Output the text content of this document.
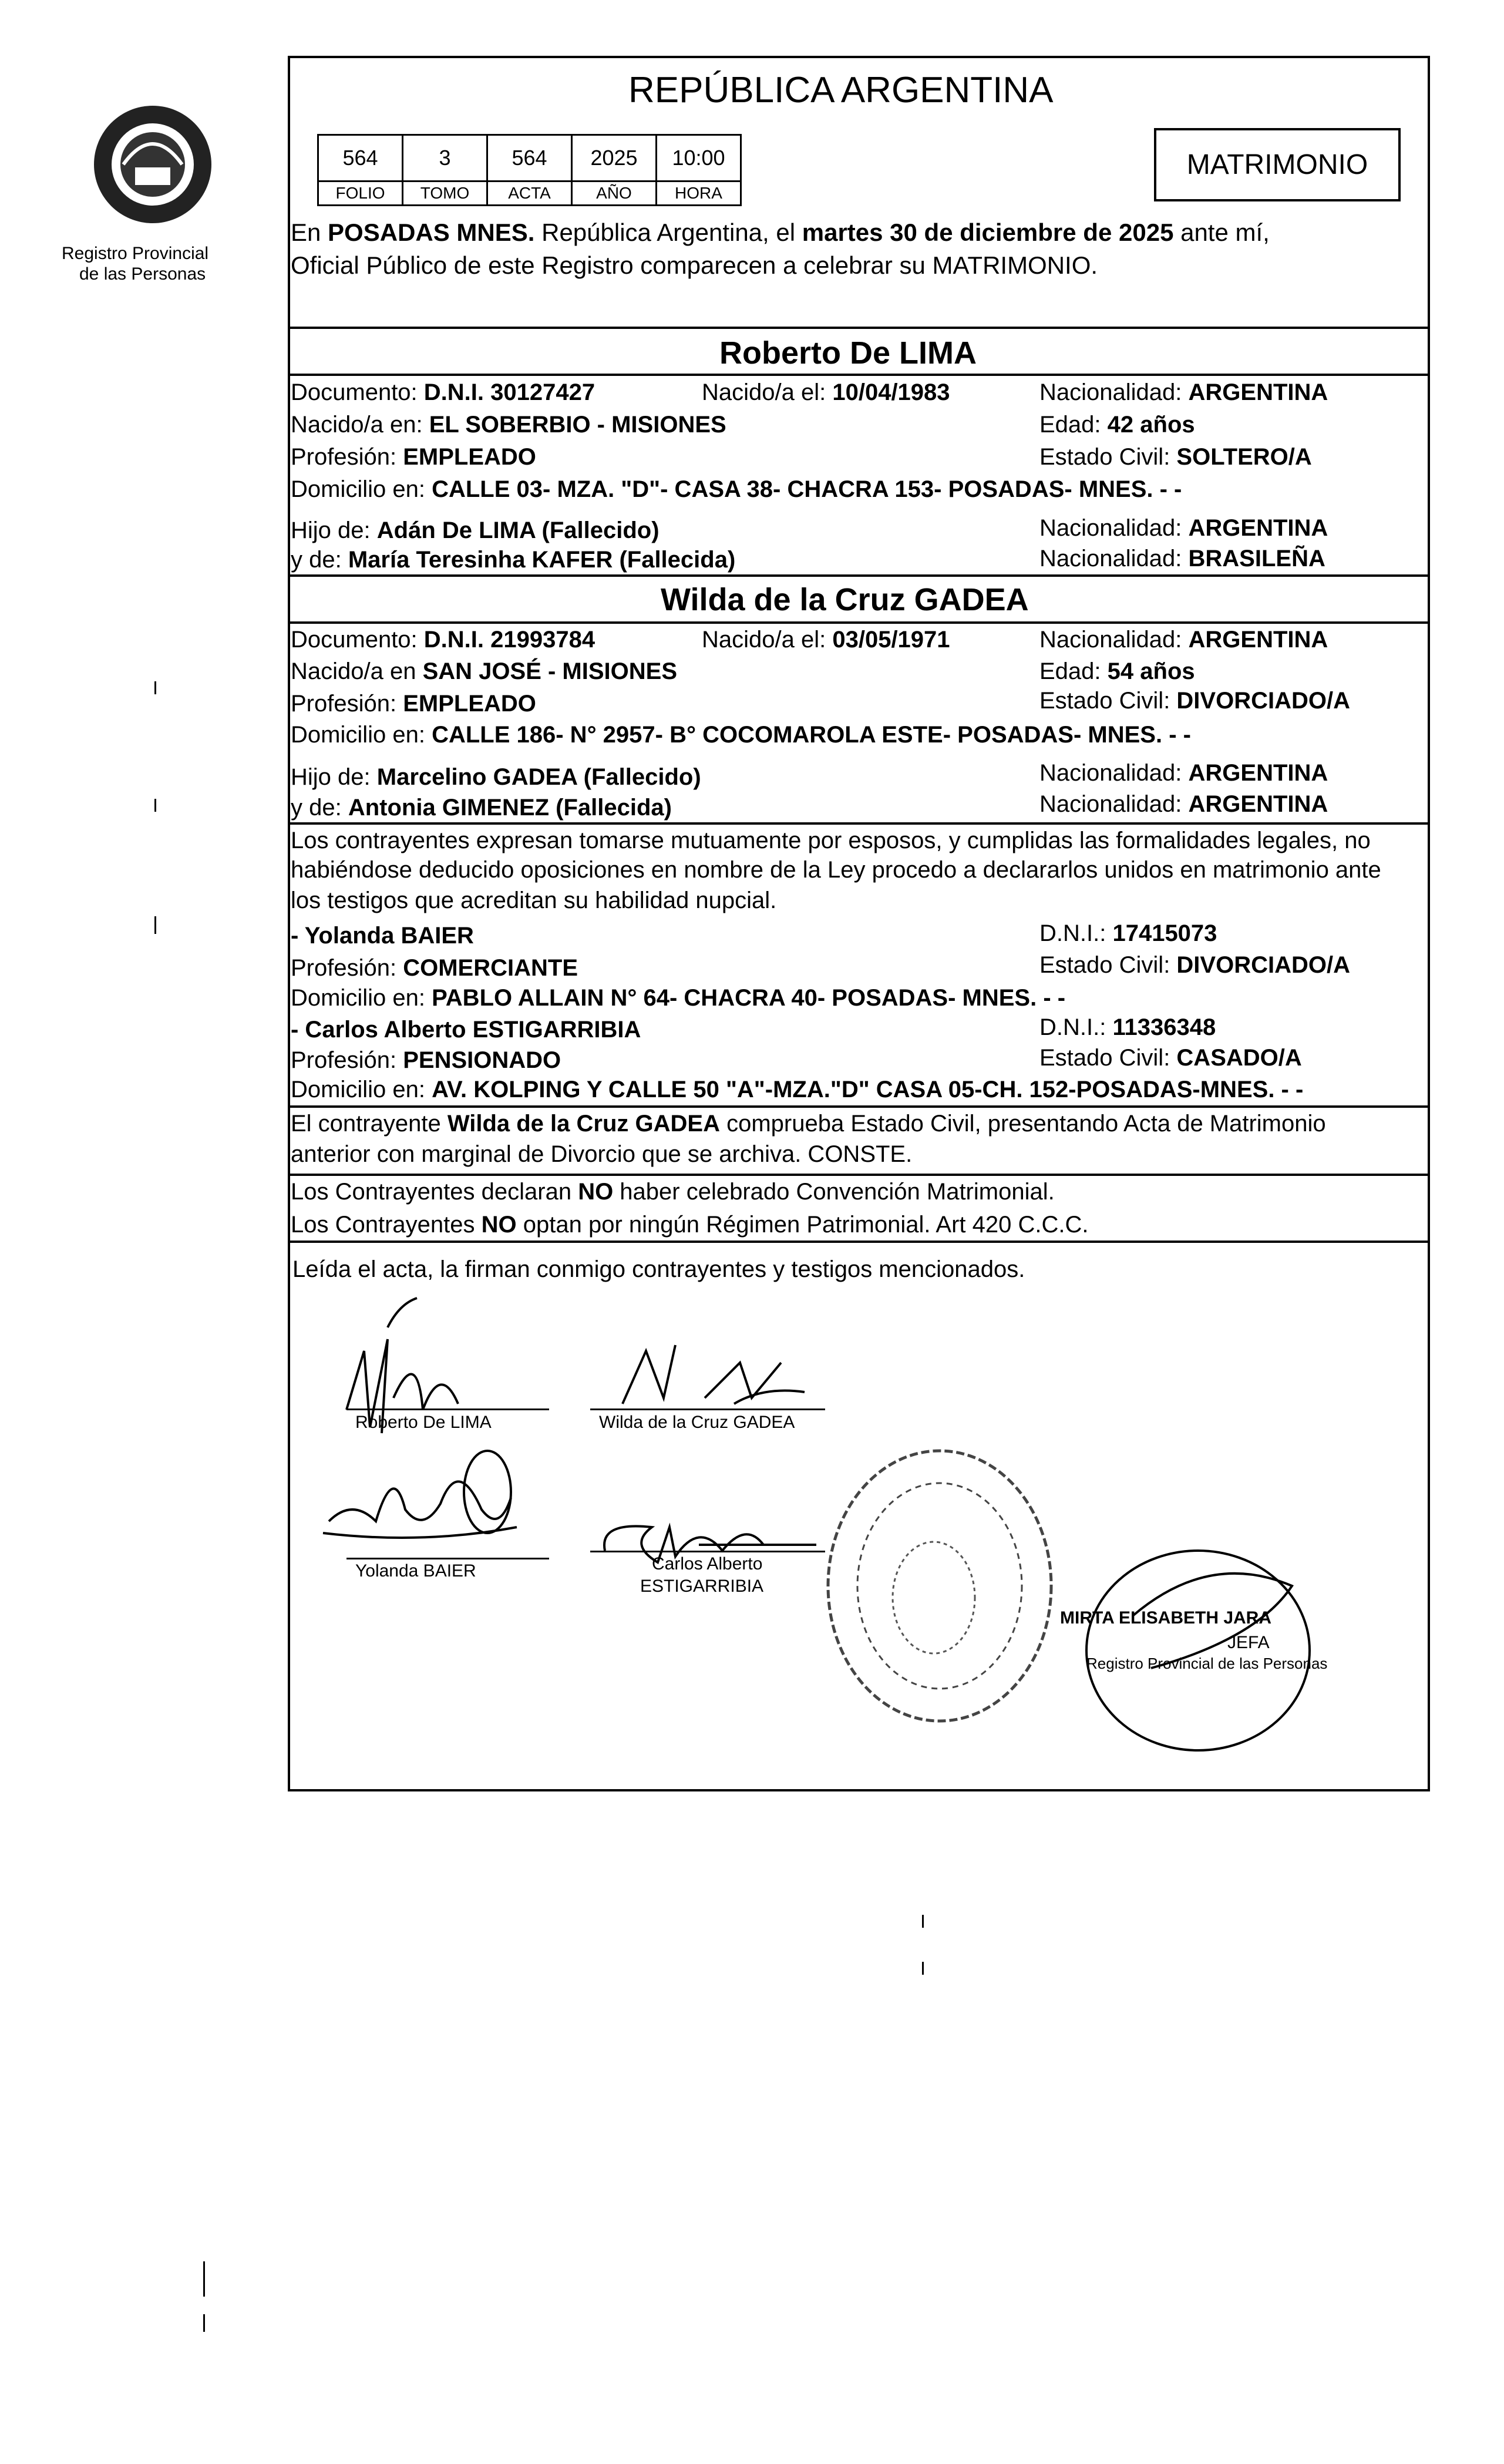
Registro Provincial
de las Personas
REPÚBLICA ARGENTINA
564	3	564	2025	10:00
FOLIO	TOMO	ACTA	AÑO	HORA
MATRIMONIO
En POSADAS MNES. República Argentina, el martes 30 de diciembre de 2025 ante mí,
Oficial Público de este Registro comparecen a celebrar su MATRIMONIO.
Roberto De LIMA
Documento: D.N.I. 30127427	Nacido/a el: 10/04/1983	Nacionalidad: ARGENTINA
Nacido/a en: EL SOBERBIO - MISIONES	Edad: 42 años
Profesión: EMPLEADO	Estado Civil: SOLTERO/A
Domicilio en: CALLE 03- MZA. "D"- CASA 38- CHACRA 153- POSADAS- MNES. - -
Hijo de: Adán De LIMA (Fallecido)	Nacionalidad: ARGENTINA
y de: María Teresinha KAFER (Fallecida)	Nacionalidad: BRASILEÑA
Wilda de la Cruz GADEA
Documento: D.N.I. 21993784	Nacido/a el: 03/05/1971	Nacionalidad: ARGENTINA
Nacido/a en SAN JOSÉ - MISIONES	Edad: 54 años
Profesión: EMPLEADO	Estado Civil: DIVORCIADO/A
Domicilio en: CALLE 186- N° 2957- B° COCOMAROLA ESTE- POSADAS- MNES. - -
Hijo de: Marcelino GADEA (Fallecido)	Nacionalidad: ARGENTINA
y de: Antonia GIMENEZ (Fallecida)	Nacionalidad: ARGENTINA
Los contrayentes expresan tomarse mutuamente por esposos, y cumplidas las formalidades legales, no
habiéndose deducido oposiciones en nombre de la Ley procedo a declararlos unidos en matrimonio ante
los testigos que acreditan su habilidad nupcial.
- Yolanda BAIER	D.N.I.: 17415073
Profesión: COMERCIANTE	Estado Civil: DIVORCIADO/A
Domicilio en: PABLO ALLAIN N° 64- CHACRA 40- POSADAS- MNES. - -
- Carlos Alberto ESTIGARRIBIA	D.N.I.: 11336348
Profesión: PENSIONADO	Estado Civil: CASADO/A
Domicilio en: AV. KOLPING Y CALLE 50 "A"-MZA."D" CASA 05-CH. 152-POSADAS-MNES. - -
El contrayente Wilda de la Cruz GADEA comprueba Estado Civil, presentando Acta de Matrimonio
anterior con marginal de Divorcio que se archiva. CONSTE.
Los Contrayentes declaran NO haber celebrado Convención Matrimonial.
Los Contrayentes NO optan por ningún Régimen Patrimonial. Art 420 C.C.C.
Leída el acta, la firman conmigo contrayentes y testigos mencionados.
Roberto De LIMA	Wilda de la Cruz GADEA
Yolanda BAIER	Carlos Alberto
ESTIGARRIBIA
MIRTA ELISABETH JARA
JEFA
Registro Provincial de las Personas
